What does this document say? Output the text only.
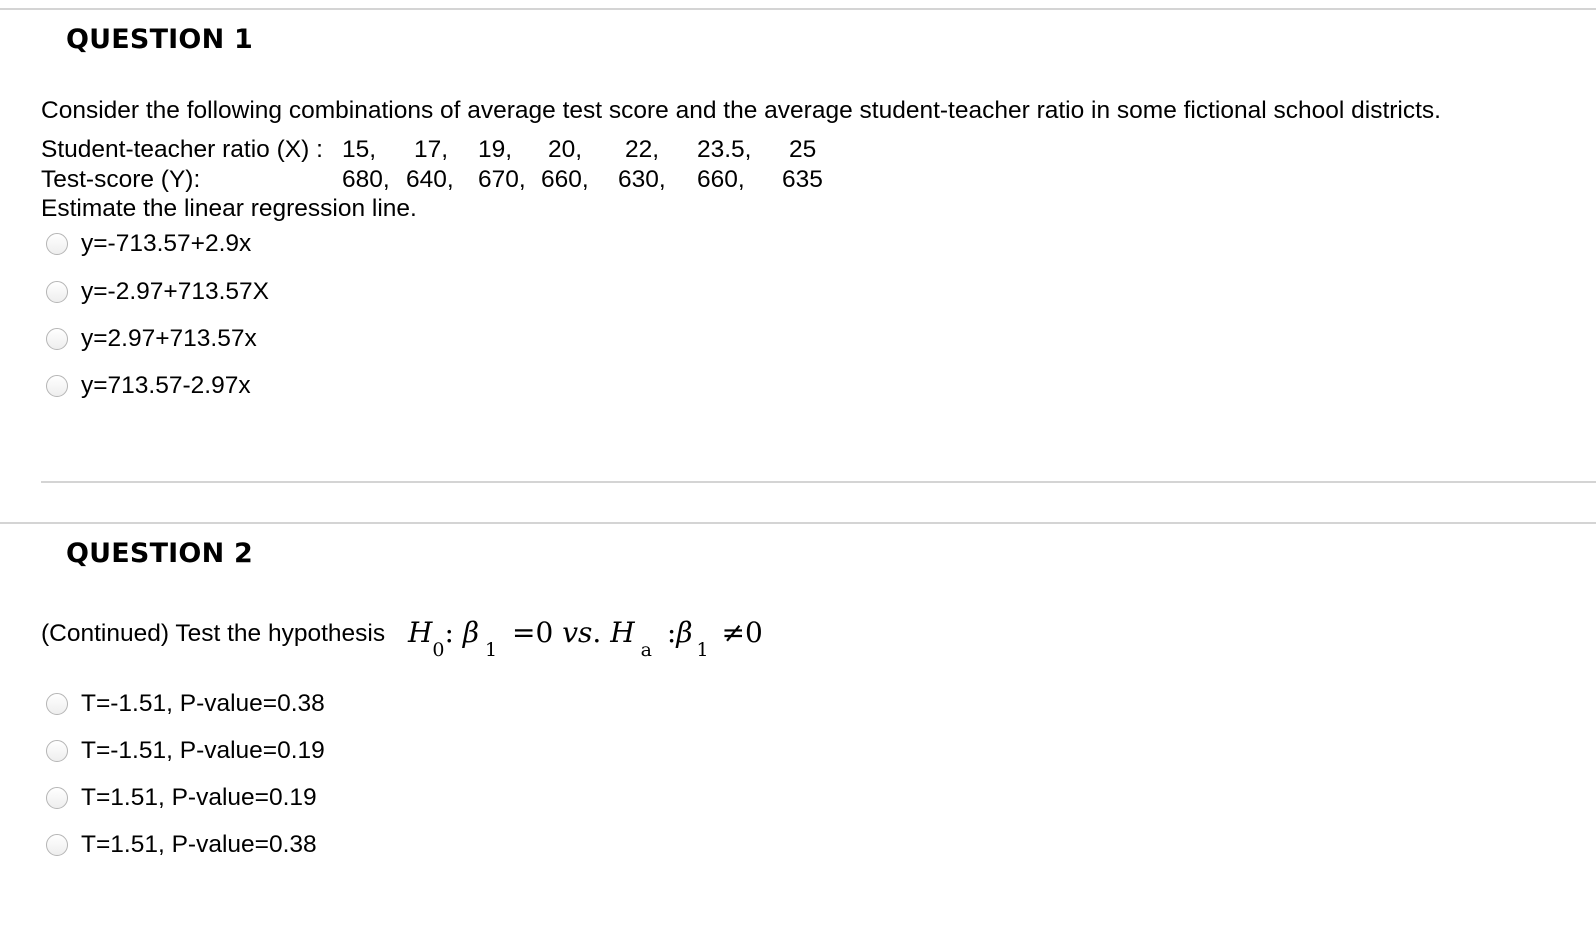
QUESTION 1
Consider the following combinations of average test score and the average student-teacher ratio in some fictional school districts.
Student-teacher ratio (X) : 15, 17, 19, 20, 22, 23.5, 25
Test-score (Y):	680, 640, 670, 660, 630, 660, 635
Estimate the linear regression line.
y=-713.57+2.9x
y=-2.97+713.57X
y=2.97+713.57x
y=713.57-2.97x
QUESTION 2
(Continued) Test the hypothesis $H_0$: $\beta_1 =0$ vs. $H_a$ $:\beta_1 \ne 0$
T=-1.51, P-value=0.38
T=-1.51, P-value=0.19
T=1.51, P-value=0.19
T=1.51, P-value=0.38
